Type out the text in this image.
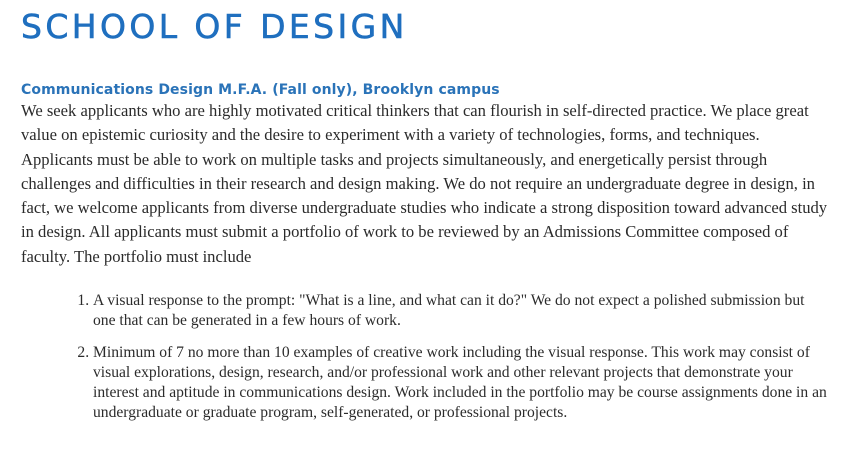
SCHOOL OF DESIGN
Communications Design M.F.A. (Fall only), Brooklyn campus

We seek applicants who are highly motivated critical thinkers that can flourish in self-directed practice. We place great value on epistemic curiosity and the desire to experiment with a variety of technologies, forms, and techniques. Applicants must be able to work on multiple tasks and projects simultaneously, and energetically persist through challenges and difficulties in their research and design making. We do not require an undergraduate degree in design, in fact, we welcome applicants from diverse undergraduate studies who indicate a strong disposition toward advanced study in design. All applicants must submit a portfolio of work to be reviewed by an Admissions Committee composed of faculty. The portfolio must include

1. A visual response to the prompt: "What is a line, and what can it do?" We do not expect a polished submission but one that can be generated in a few hours of work.
2. Minimum of 7 no more than 10 examples of creative work including the visual response. This work may consist of visual explorations, design, research, and/or professional work and other relevant projects that demonstrate your interest and aptitude in communications design. Work included in the portfolio may be course assignments done in an undergraduate or graduate program, self-generated, or professional projects.
